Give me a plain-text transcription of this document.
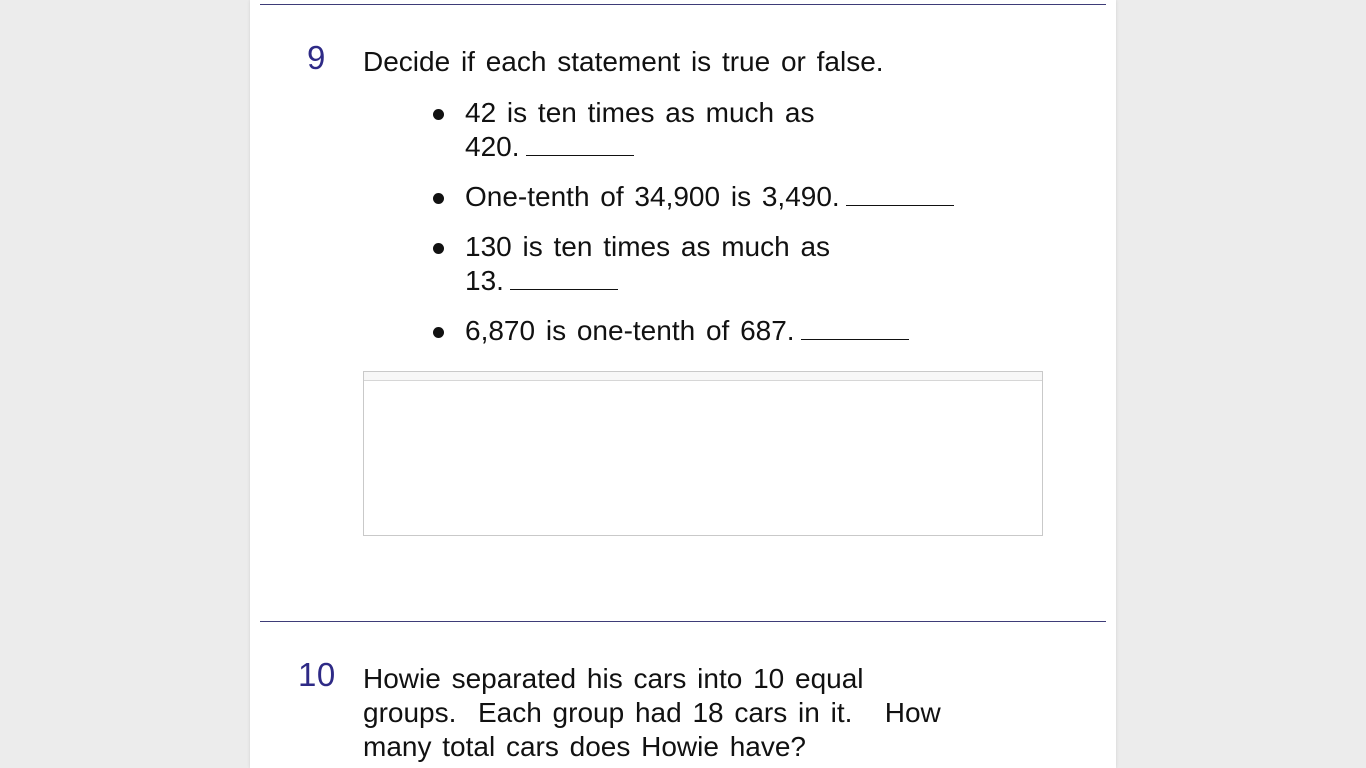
9 Decide if each statement is true or false.
42 is ten times as much as
420.
One-tenth of 34,900 is 3,490.
130 is ten times as much as
13.
6,870 is one-tenth of 687.
10 Howie separated his cars into 10 equal
groups.  Each group had 18 cars in it.   How
many total cars does Howie have?
